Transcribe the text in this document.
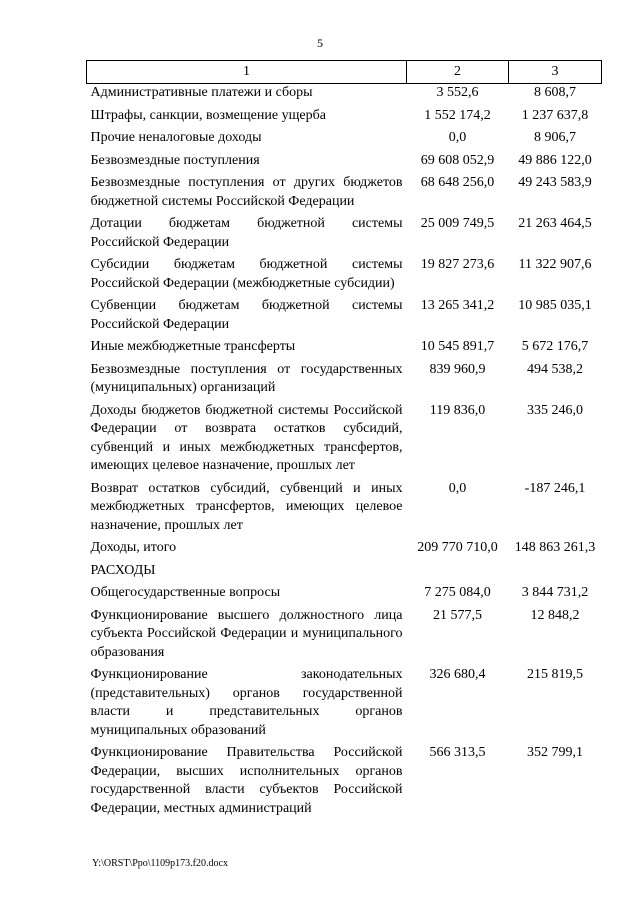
5
1	2	3
Административные платежи и сборы	3 552,6	8 608,7
Штрафы, санкции, возмещение ущерба	1 552 174,2	1 237 637,8
Прочие неналоговые доходы	0,0	8 906,7
Безвозмездные поступления	69 608 052,9	49 886 122,0
Безвозмездные поступления от других бюджетов бюджетной системы Российской Федерации	68 648 256,0	49 243 583,9
Дотации бюджетам бюджетной системы Российской Федерации	25 009 749,5	21 263 464,5
Субсидии бюджетам бюджетной системы Российской Федерации (межбюджетные субсидии)	19 827 273,6	11 322 907,6
Субвенции бюджетам бюджетной системы Российской Федерации	13 265 341,2	10 985 035,1
Иные межбюджетные трансферты	10 545 891,7	5 672 176,7
Безвозмездные поступления от государственных (муниципальных) организаций	839 960,9	494 538,2
Доходы бюджетов бюджетной системы Российской Федерации от возврата остатков субсидий, субвенций и иных межбюджетных трансфертов, имеющих целевое назначение, прошлых лет	119 836,0	335 246,0
Возврат остатков субсидий, субвенций и иных межбюджетных трансфертов, имеющих целевое назначение, прошлых лет	0,0	-187 246,1
Доходы, итого	209 770 710,0	148 863 261,3
РАСХОДЫ		
Общегосударственные вопросы	7 275 084,0	3 844 731,2
Функционирование высшего должностного лица субъекта Российской Федерации и муниципального образования	21 577,5	12 848,2
Функционирование законодательных (представительных) органов государственной власти и представительных органов муниципальных образований	326 680,4	215 819,5
Функционирование Правительства Российской Федерации, высших исполнительных органов государственной власти субъектов Российской Федерации, местных администраций	566 313,5	352 799,1
Y:\ORST\Ppo\1109p173.f20.docx
